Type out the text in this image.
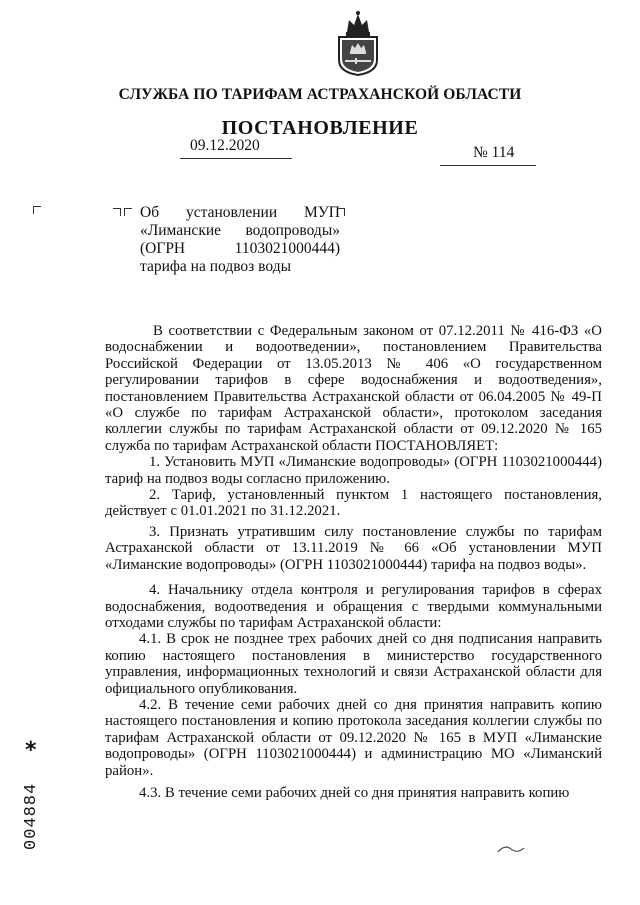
СЛУЖБА ПО ТАРИФАМ АСТРАХАНСКОЙ ОБЛАСТИ
ПОСТАНОВЛЕНИЕ
09.12.2020	№ 114
Об установлении МУП
«Лиманские водопроводы»
(ОГРН 1103021000444)
тарифа на подвоз воды

В соответствии с Федеральным законом от 07.12.2011 № 416-ФЗ «О водоснабжении и водоотведении», постановлением Правительства Российской Федерации от 13.05.2013 № 406 «О государственном регулировании тарифов в сфере водоснабжения и водоотведения», постановлением Правительства Астраханской области от 06.04.2005 № 49-П «О службе по тарифам Астраханской области», протоколом заседания коллегии службы по тарифам Астраханской области от 09.12.2020 № 165 служба по тарифам Астраханской области ПОСТАНОВЛЯЕТ:

1. Установить МУП «Лиманские водопроводы» (ОГРН 1103021000444) тариф на подвоз воды согласно приложению.

2. Тариф, установленный пунктом 1 настоящего постановления, действует с 01.01.2021 по 31.12.2021.

3. Признать утратившим силу постановление службы по тарифам Астраханской области от 13.11.2019 № 66 «Об установлении МУП «Лиманские водопроводы» (ОГРН 1103021000444) тарифа на подвоз воды».

4. Начальнику отдела контроля и регулирования тарифов в сферах водоснабжения, водоотведения и обращения с твердыми коммунальными отходами службы по тарифам Астраханской области:

4.1. В срок не позднее трех рабочих дней со дня подписания направить копию настоящего постановления в министерство государственного управления, информационных технологий и связи Астраханской области для официального опубликования.

4.2. В течение семи рабочих дней со дня принятия направить копию настоящего постановления и копию протокола заседания коллегии службы по тарифам Астраханской области от 09.12.2020 № 165 в МУП «Лиманские водопроводы» (ОГРН 1103021000444) и администрацию МО «Лиманский район».

4.3. В течение семи рабочих дней со дня принятия направить копию

*
004884
